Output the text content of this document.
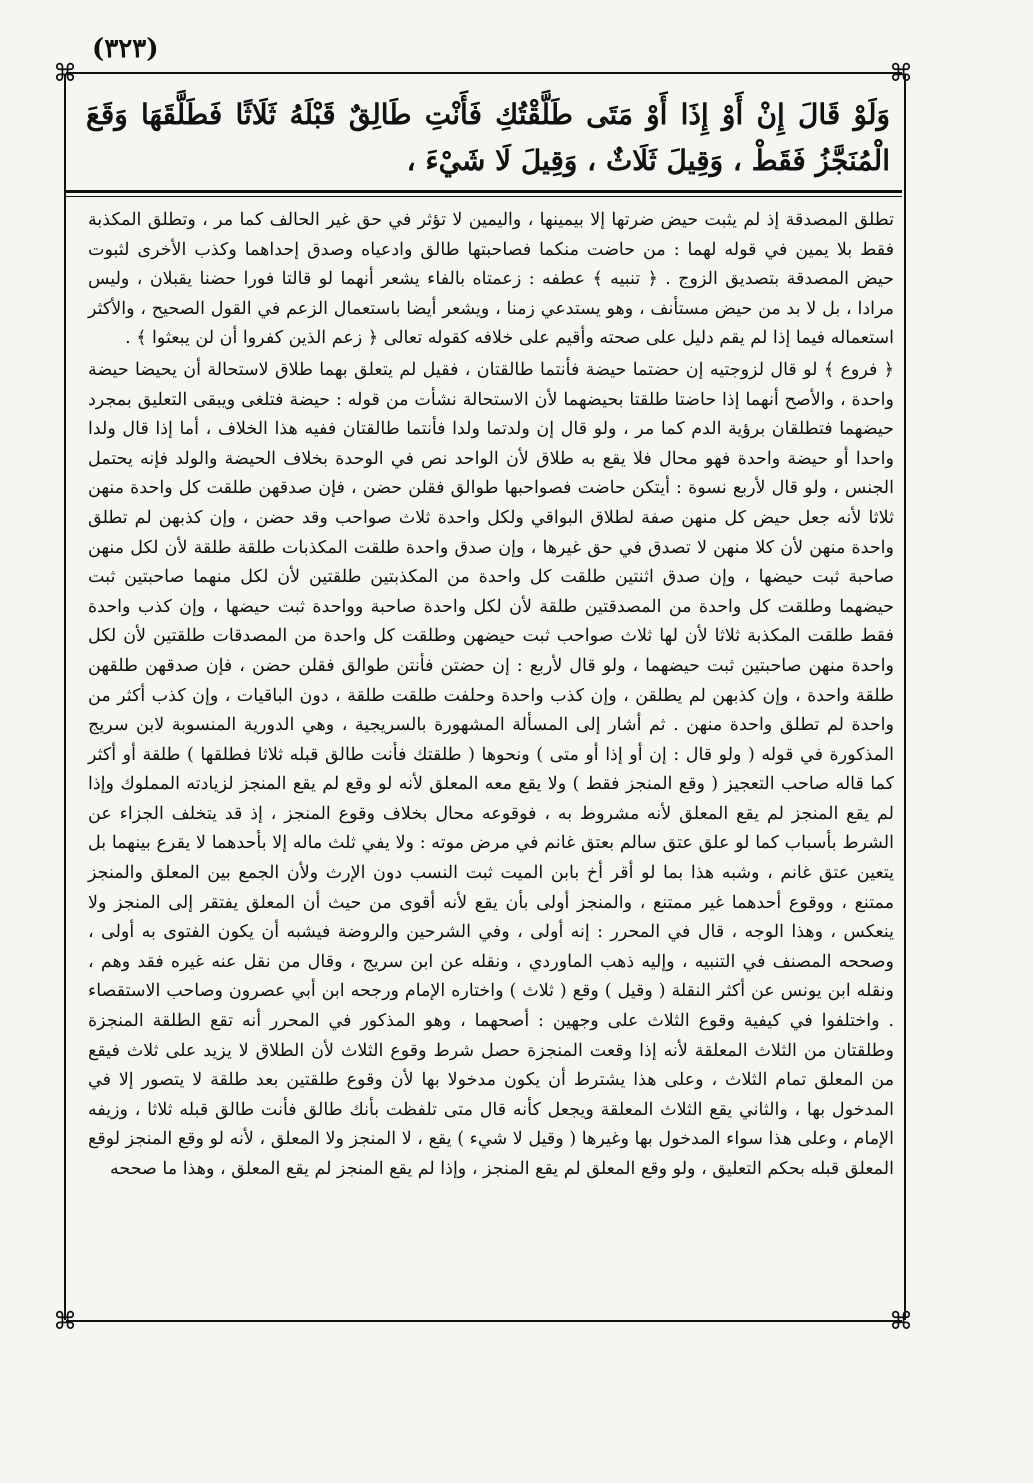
(٣٢٣)
⌘	⌘
⌘	⌘
وَلَوْ قَالَ إِنْ أَوْ إِذَا أَوْ مَتَى طَلَّقْتُكِ فَأَنْتِ طَالِقٌ قَبْلَهُ ثَلَاثًا فَطَلَّقَهَا وَقَعَ الْمُنَجَّزُ فَقَطْ ، وَقِيلَ ثَلَاثٌ ، وَقِيلَ لَا شَيْءَ ،

تطلق المصدقة إذ لم يثبت حيض ضرتها إلا بيمينها ، واليمين لا تؤثر في حق غير الحالف كما مر ، وتطلق المكذبة فقط بلا يمين في قوله لهما : من حاضت منكما فصاحبتها طالق وادعياه وصدق إحداهما وكذب الأخرى لثبوت حيض المصدقة بتصديق الزوج . ﴿ تنبيه ﴾ عطفه : زعمتاه بالفاء يشعر أنهما لو قالتا فورا حضنا يقبلان ، وليس مرادا ، بل لا بد من حيض مستأنف ، وهو يستدعي زمنا ، ويشعر أيضا باستعمال الزعم في القول الصحيح ، والأكثر استعماله فيما إذا لم يقم دليل على صحته وأقيم على خلافه كقوله تعالى ﴿ زعم الذين كفروا أن لن يبعثوا ﴾ .

﴿ فروع ﴾ لو قال لزوجتيه إن حضتما حيضة فأنتما طالقتان ، فقيل لم يتعلق بهما طلاق لاستحالة أن يحيضا حيضة واحدة ، والأصح أنهما إذا حاضتا طلقتا بحيضهما لأن الاستحالة نشأت من قوله : حيضة فتلغى ويبقى التعليق بمجرد حيضهما فتطلقان برؤية الدم كما مر ، ولو قال إن ولدتما ولدا فأنتما طالقتان ففيه هذا الخلاف ، أما إذا قال ولدا واحدا أو حيضة واحدة فهو محال فلا يقع به طلاق لأن الواحد نص في الوحدة بخلاف الحيضة والولد فإنه يحتمل الجنس ، ولو قال لأربع نسوة : أيتكن حاضت فصواحبها طوالق فقلن حضن ، فإن صدقهن طلقت كل واحدة منهن ثلاثا لأنه جعل حيض كل منهن صفة لطلاق البواقي ولكل واحدة ثلاث صواحب وقد حضن ، وإن كذبهن لم تطلق واحدة منهن لأن كلا منهن لا تصدق في حق غيرها ، وإن صدق واحدة طلقت المكذبات طلقة طلقة لأن لكل منهن صاحبة ثبت حيضها ، وإن صدق اثنتين طلقت كل واحدة من المكذبتين طلقتين لأن لكل منهما صاحبتين ثبت حيضهما وطلقت كل واحدة من المصدقتين طلقة لأن لكل واحدة صاحبة وواحدة ثبت حيضها ، وإن كذب واحدة فقط طلقت المكذبة ثلاثا لأن لها ثلاث صواحب ثبت حيضهن وطلقت كل واحدة من المصدقات طلقتين لأن لكل واحدة منهن صاحبتين ثبت حيضهما ، ولو قال لأربع : إن حضتن فأنتن طوالق فقلن حضن ، فإن صدقهن طلقهن طلقة واحدة ، وإن كذبهن لم يطلقن ، وإن كذب واحدة وحلفت طلقت طلقة ، دون الباقيات ، وإن كذب أكثر من واحدة لم تطلق واحدة منهن . ثم أشار إلى المسألة المشهورة بالسريجية ، وهي الدورية المنسوبة لابن سريج المذكورة في قوله ( ولو قال : إن أو إذا أو متى ) ونحوها ( طلقتك فأنت طالق قبله ثلاثا فطلقها ) طلقة أو أكثر كما قاله صاحب التعجيز ( وقع المنجز فقط ) ولا يقع معه المعلق لأنه لو وقع لم يقع المنجز لزيادته المملوك وإذا لم يقع المنجز لم يقع المعلق لأنه مشروط به ، فوقوعه محال بخلاف وقوع المنجز ، إذ قد يتخلف الجزاء عن الشرط بأسباب كما لو علق عتق سالم بعتق غانم في مرض موته : ولا يفي ثلث ماله إلا بأحدهما لا يقرع بينهما بل يتعين عتق غانم ، وشبه هذا بما لو أقر أخ بابن الميت ثبت النسب دون الإرث ولأن الجمع بين المعلق والمنجز ممتنع ، ووقوع أحدهما غير ممتنع ، والمنجز أولى بأن يقع لأنه أقوى من حيث أن المعلق يفتقر إلى المنجز ولا ينعكس ، وهذا الوجه ، قال في المحرر : إنه أولى ، وفي الشرحين والروضة فيشبه أن يكون الفتوى به أولى ، وصححه المصنف في التنبيه ، وإليه ذهب الماوردي ، ونقله عن ابن سريج ، وقال من نقل عنه غيره فقد وهم ، ونقله ابن يونس عن أكثر النقلة ( وقيل ) وقع ( ثلاث ) واختاره الإمام ورجحه ابن أبي عصرون وصاحب الاستقصاء . واختلفوا في كيفية وقوع الثلاث على وجهين : أصحهما ، وهو المذكور في المحرر أنه تقع الطلقة المنجزة وطلقتان من الثلاث المعلقة لأنه إذا وقعت المنجزة حصل شرط وقوع الثلاث لأن الطلاق لا يزيد على ثلاث فيقع من المعلق تمام الثلاث ، وعلى هذا يشترط أن يكون مدخولا بها لأن وقوع طلقتين بعد طلقة لا يتصور إلا في المدخول بها ، والثاني يقع الثلاث المعلقة ويجعل كأنه قال متى تلفظت بأنك طالق فأنت طالق قبله ثلاثا ، وزيفه الإمام ، وعلى هذا سواء المدخول بها وغيرها ( وقيل لا شيء ) يقع ، لا المنجز ولا المعلق ، لأنه لو وقع المنجز لوقع المعلق قبله بحكم التعليق ، ولو وقع المعلق لم يقع المنجز ، وإذا لم يقع المنجز لم يقع المعلق ، وهذا ما صححه
